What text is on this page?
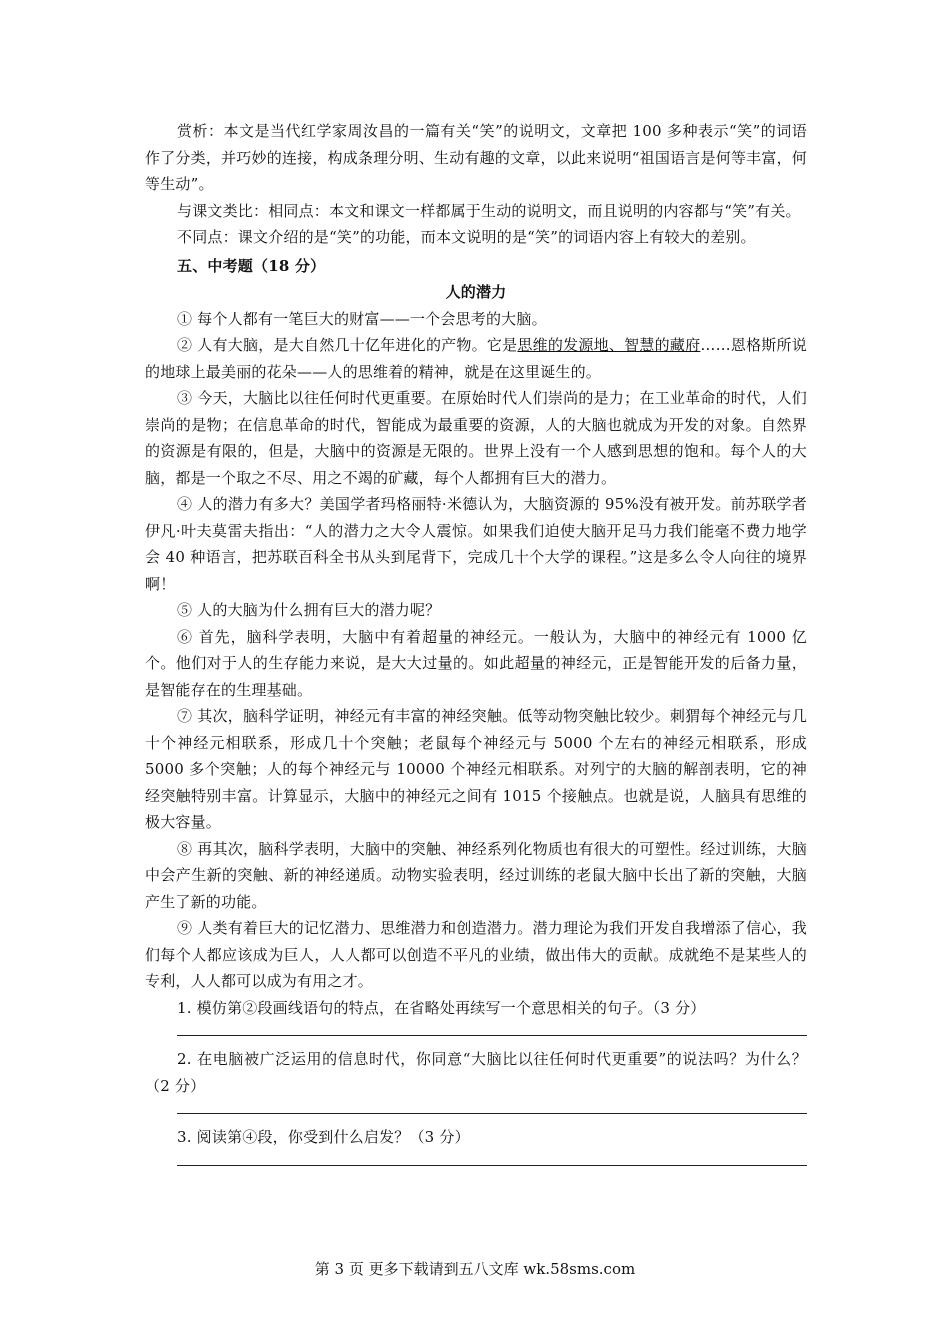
赏析：本文是当代红学家周汝昌的一篇有关“笑”的说明文，文章把 100 多种表示“笑”的词语作了分类，并巧妙的连接，构成条理分明、生动有趣的文章，以此来说明“祖国语言是何等丰富，何等生动”。

与课文类比：相同点：本文和课文一样都属于生动的说明文，而且说明的内容都与“笑”有关。

不同点：课文介绍的是“笑”的功能，而本文说明的是“笑”的词语内容上有较大的差别。

五、中考题（18 分）

人的潜力

① 每个人都有一笔巨大的财富——一个会思考的大脑。

② 人有大脑，是大自然几十亿年进化的产物。它是思维的发源地、智慧的藏府……恩格斯所说的地球上最美丽的花朵——人的思维着的精神，就是在这里诞生的。

③ 今天，大脑比以往任何时代更重要。在原始时代人们崇尚的是力；在工业革命的时代，人们崇尚的是物；在信息革命的时代，智能成为最重要的资源，人的大脑也就成为开发的对象。自然界的资源是有限的，但是，大脑中的资源是无限的。世界上没有一个人感到思想的饱和。每个人的大脑，都是一个取之不尽、用之不竭的矿藏，每个人都拥有巨大的潜力。

④ 人的潜力有多大？美国学者玛格丽特·米德认为，大脑资源的 95%没有被开发。前苏联学者伊凡·叶夫莫雷夫指出：“人的潜力之大令人震惊。如果我们迫使大脑开足马力我们能毫不费力地学会 40 种语言，把苏联百科全书从头到尾背下，完成几十个大学的课程。”这是多么令人向往的境界啊！

⑤ 人的大脑为什么拥有巨大的潜力呢？

⑥ 首先，脑科学表明，大脑中有着超量的神经元。一般认为，大脑中的神经元有 1000 亿个。他们对于人的生存能力来说，是大大过量的。如此超量的神经元，正是智能开发的后备力量，是智能存在的生理基础。

⑦ 其次，脑科学证明，神经元有丰富的神经突触。低等动物突触比较少。刺猬每个神经元与几十个神经元相联系，形成几十个突触；老鼠每个神经元与 5000 个左右的神经元相联系，形成 5000 多个突触；人的每个神经元与 10000 个神经元相联系。对列宁的大脑的解剖表明，它的神经突触特别丰富。计算显示，大脑中的神经元之间有 1015 个接触点。也就是说，人脑具有思维的极大容量。

⑧ 再其次，脑科学表明，大脑中的突触、神经系列化物质也有很大的可塑性。经过训练，大脑中会产生新的突触、新的神经递质。动物实验表明，经过训练的老鼠大脑中长出了新的突触，大脑产生了新的功能。

⑨ 人类有着巨大的记忆潜力、思维潜力和创造潜力。潜力理论为我们开发自我增添了信心，我们每个人都应该成为巨人，人人都可以创造不平凡的业绩，做出伟大的贡献。成就绝不是某些人的专利，人人都可以成为有用之才。

1. 模仿第②段画线语句的特点，在省略处再续写一个意思相关的句子。（3 分）

2. 在电脑被广泛运用的信息时代，你同意“大脑比以往任何时代更重要”的说法吗？为什么？（2 分）

3. 阅读第④段，你受到什么启发？（3 分）

第 3 页 更多下载请到五八文库 wk.58sms.com
